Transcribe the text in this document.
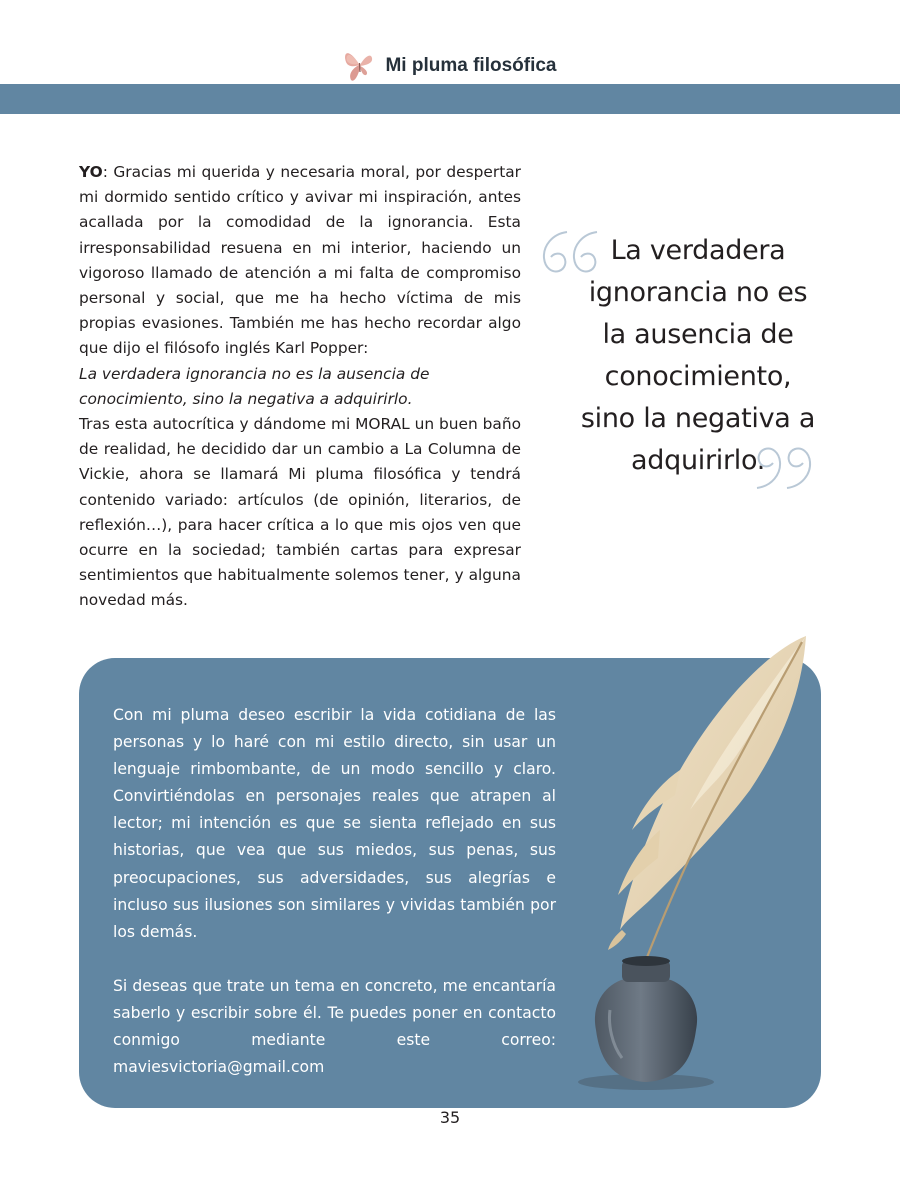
Mi pluma filosófica

YO: Gracias mi querida y necesaria moral, por despertar mi dormido sentido crítico y avivar mi inspiración, antes acallada por la comodidad de la ignorancia. Esta irresponsabilidad resuena en mi interior, haciendo un vigoroso llamado de atención a mi falta de compromiso personal y social, que me ha hecho víctima de mis propias evasiones. También me has hecho recordar algo que dijo el filósofo inglés Karl Popper:

La verdadera ignorancia no es la ausencia de conocimiento, sino la negativa a adquirirlo.

Tras esta autocrítica y dándome mi MORAL un buen baño de realidad, he decidido dar un cambio a La Columna de Vickie, ahora se llamará Mi pluma filosófica y tendrá contenido variado: artículos (de opinión, literarios, de reflexión…), para hacer crítica a lo que mis ojos ven que ocurre en la sociedad; también cartas para expresar sentimientos que habitualmente solemos tener, y alguna novedad más.

La verdadera
ignorancia no es
la ausencia de
conocimiento,
sino la negativa a
adquirirlo.

Con mi pluma deseo escribir la vida cotidiana de las personas y lo haré con mi estilo directo, sin usar un lenguaje rimbombante, de un modo sencillo y claro. Convirtiéndolas en personajes reales que atrapen al lector; mi intención es que se sienta reflejado en sus historias, que vea que sus miedos, sus penas, sus preocupaciones, sus adversidades, sus alegrías e incluso sus ilusiones son similares y vividas también por los demás.

Si deseas que trate un tema en concreto, me encantaría saberlo y escribir sobre él. Te puedes poner en contacto conmigo mediante este correo: maviesvictoria@gmail.com

35
